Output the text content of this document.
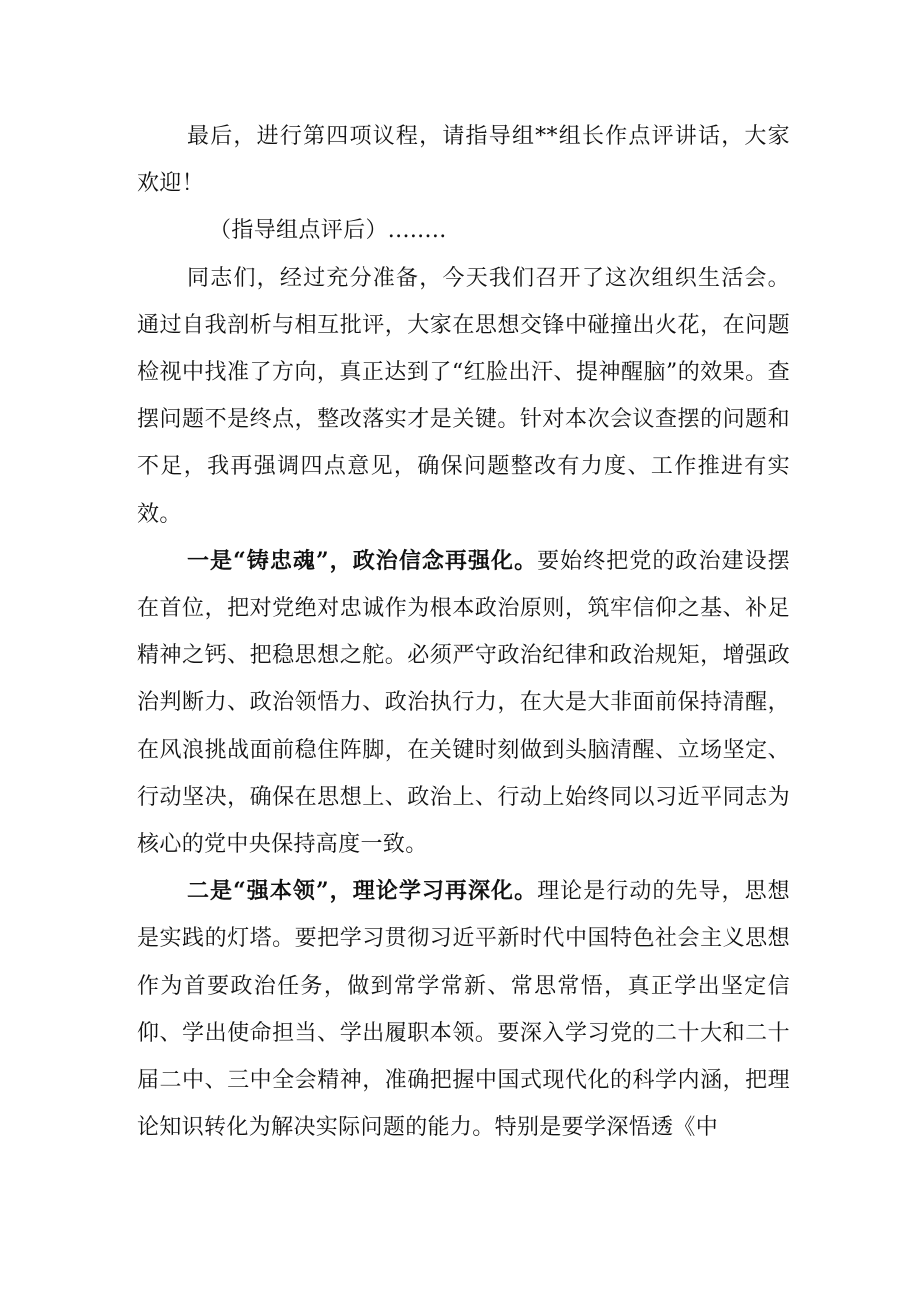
最后，进行第四项议程，请指导组**组长作点评讲话，大家欢迎！

（指导组点评后）........

同志们，经过充分准备，今天我们召开了这次组织生活会。通过自我剖析与相互批评，大家在思想交锋中碰撞出火花，在问题检视中找准了方向，真正达到了“红脸出汗、提神醒脑”的效果。查摆问题不是终点，整改落实才是关键。针对本次会议查摆的问题和不足，我再强调四点意见，确保问题整改有力度、工作推进有实效。

一是“铸忠魂”，政治信念再强化。要始终把党的政治建设摆在首位，把对党绝对忠诚作为根本政治原则，筑牢信仰之基、补足精神之钙、把稳思想之舵。必须严守政治纪律和政治规矩，增强政治判断力、政治领悟力、政治执行力，在大是大非面前保持清醒，在风浪挑战面前稳住阵脚，在关键时刻做到头脑清醒、立场坚定、行动坚决，确保在思想上、政治上、行动上始终同以习近平同志为核心的党中央保持高度一致。

二是“强本领”，理论学习再深化。理论是行动的先导，思想是实践的灯塔。要把学习贯彻习近平新时代中国特色社会主义思想作为首要政治任务，做到常学常新、常思常悟，真正学出坚定信仰、学出使命担当、学出履职本领。要深入学习党的二十大和二十届二中、三中全会精神，准确把握中国式现代化的科学内涵，把理论知识转化为解决实际问题的能力。特别是要学深悟透《中
